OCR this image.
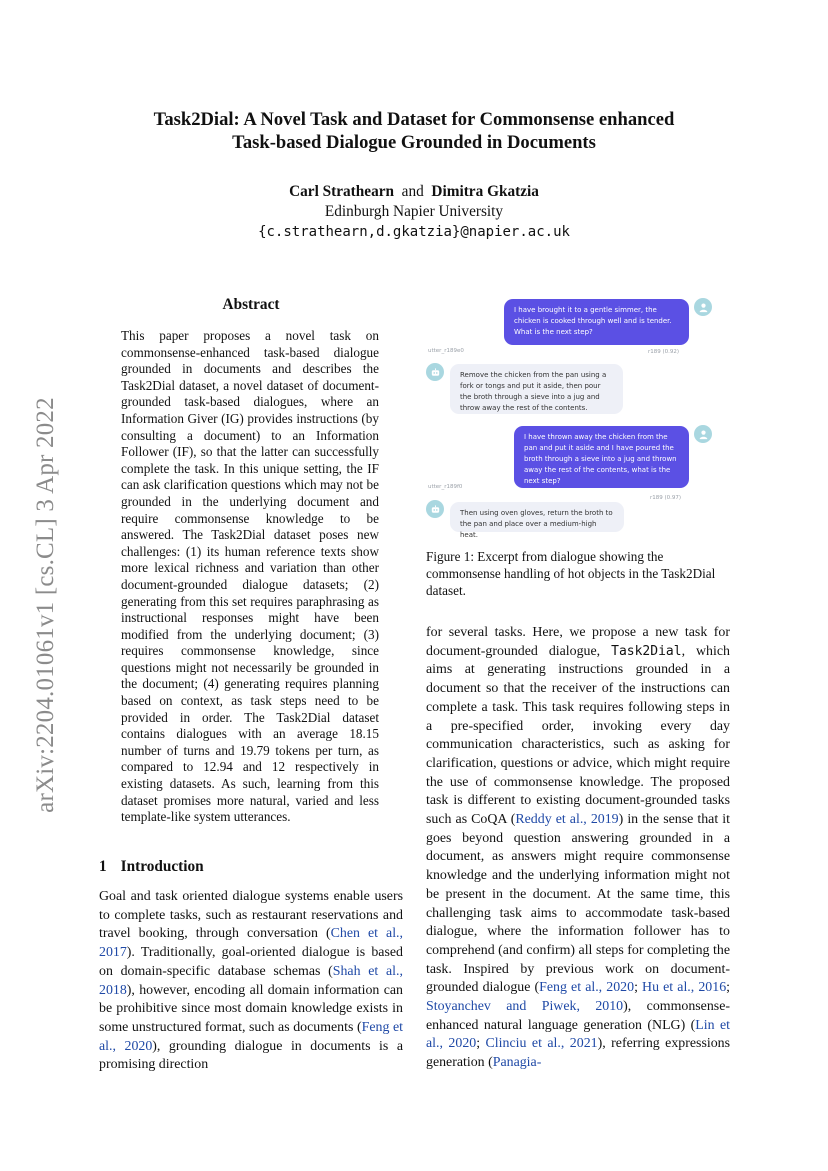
arXiv:2204.01061v1 [cs.CL] 3 Apr 2022
Task2Dial: A Novel Task and Dataset for Commonsense enhanced
Task-based Dialogue Grounded in Documents
Carl Strathearn and Dimitra Gkatzia
Edinburgh Napier University
{c.strathearn,d.gkatzia}@napier.ac.uk
Abstract
This paper proposes a novel task on commonsense-enhanced task-based dialogue grounded in documents and describes the Task2Dial dataset, a novel dataset of document-grounded task-based dialogues, where an Information Giver (IG) provides instructions (by consulting a document) to an Information Follower (IF), so that the latter can successfully complete the task. In this unique setting, the IF can ask clarification questions which may not be grounded in the underlying document and require commonsense knowledge to be answered. The Task2Dial dataset poses new challenges: (1) its human reference texts show more lexical richness and variation than other document-grounded dialogue datasets; (2) generating from this set requires paraphrasing as instructional responses might have been modified from the underlying document; (3) requires commonsense knowledge, since questions might not necessarily be grounded in the document; (4) generating requires planning based on context, as task steps need to be provided in order. The Task2Dial dataset contains dialogues with an average 18.15 number of turns and 19.79 tokens per turn, as compared to 12.94 and 12 respectively in existing datasets. As such, learning from this dataset promises more natural, varied and less template-like system utterances.
1 Introduction
Goal and task oriented dialogue systems enable users to complete tasks, such as restaurant reservations and travel booking, through conversation (Chen et al., 2017). Traditionally, goal-oriented dialogue is based on domain-specific database schemas (Shah et al., 2018), however, encoding all domain information can be prohibitive since most domain knowledge exists in some unstructured format, such as documents (Feng et al., 2020), grounding dialogue in documents is a promising direction
for several tasks. Here, we propose a new task for document-grounded dialogue, Task2Dial, which aims at generating instructions grounded in a document so that the receiver of the instructions can complete a task. This task requires following steps in a pre-specified order, invoking every day communication characteristics, such as asking for clarification, questions or advice, which might require the use of commonsense knowledge. The proposed task is different to existing document-grounded tasks such as CoQA (Reddy et al., 2019) in the sense that it goes beyond question answering grounded in a document, as answers might require commonsense knowledge and the underlying information might not be present in the document. At the same time, this challenging task aims to accommodate task-based dialogue, where the information follower has to comprehend (and confirm) all steps for completing the task. Inspired by previous work on document-grounded dialogue (Feng et al., 2020; Hu et al., 2016; Stoyanchev and Piwek, 2010), commonsense-enhanced natural language generation (NLG) (Lin et al., 2020; Clinciu et al., 2021), referring expressions generation (Panagia-
I have brought it to a gentle simmer, the chicken is cooked through well and is tender. What is the next step?
utter_r189e0	r189 (0.92)
Remove the chicken from the pan using a fork or tongs and put it aside, then pour the broth through a sieve into a jug and throw away the rest of the contents.
I have thrown away the chicken from the pan and put it aside and I have poured the broth through a sieve into a jug and thrown away the rest of the contents, what is the next step?
utter_r189f0
r189 (0.97)
Then using oven gloves, return the broth to the pan and place over a medium-high heat.
Figure 1: Excerpt from dialogue showing the commonsense handling of hot objects in the Task2Dial dataset.
